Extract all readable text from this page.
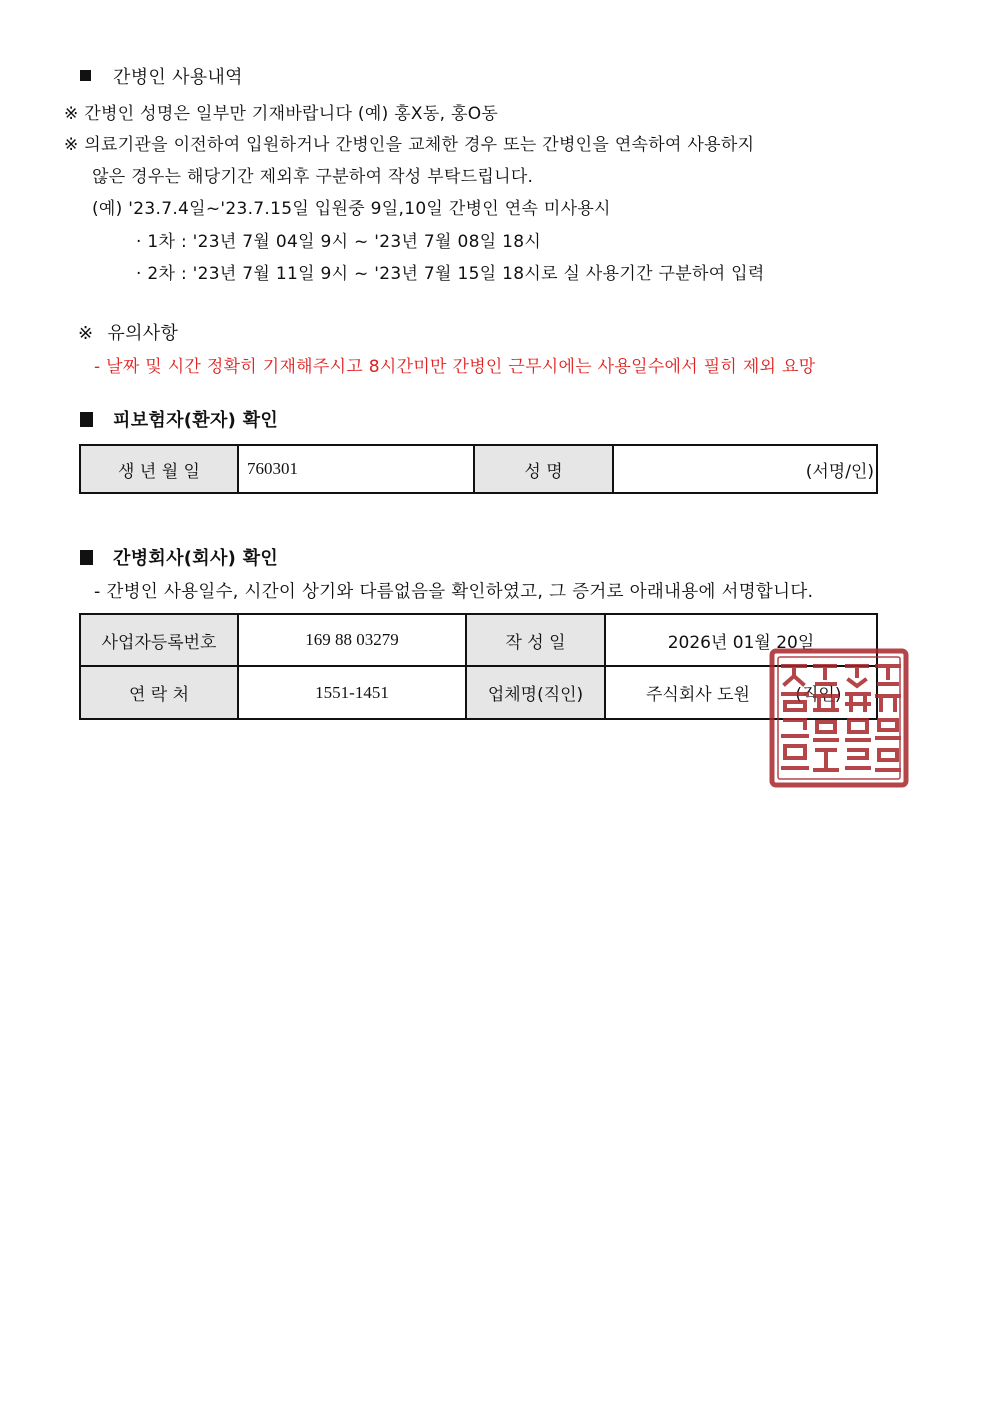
간병인 사용내역
※ 간병인 성명은 일부만 기재바랍니다 (예) 홍X동, 홍O동
※ 의료기관을 이전하여 입원하거나 간병인을 교체한 경우 또는 간병인을 연속하여 사용하지
않은 경우는 해당기간 제외후 구분하여 작성 부탁드립니다.
(예) '23.7.4일~'23.7.15일 입원중 9일,10일 간병인 연속 미사용시
· 1차 : '23년 7월 04일 9시 ~ '23년 7월 08일 18시
· 2차 : '23년 7월 11일 9시 ~ '23년 7월 15일 18시로 실 사용기간 구분하여 입력
※ 유의사항
- 날짜 및 시간 정확히 기재해주시고 8시간미만 간병인 근무시에는 사용일수에서 필히 제외 요망
피보험자(환자) 확인
생 년 월 일	760301	성 명	(서명/인)
간병회사(회사) 확인
- 간병인 사용일수, 시간이 상기와 다름없음을 확인하였고, 그 증거로 아래내용에 서명합니다.
사업자등록번호	169 88 03279	작 성 일	2026년 01월 20일
연 락 처	1551-1451	업체명(직인)	주식회사 도원 (직인)
